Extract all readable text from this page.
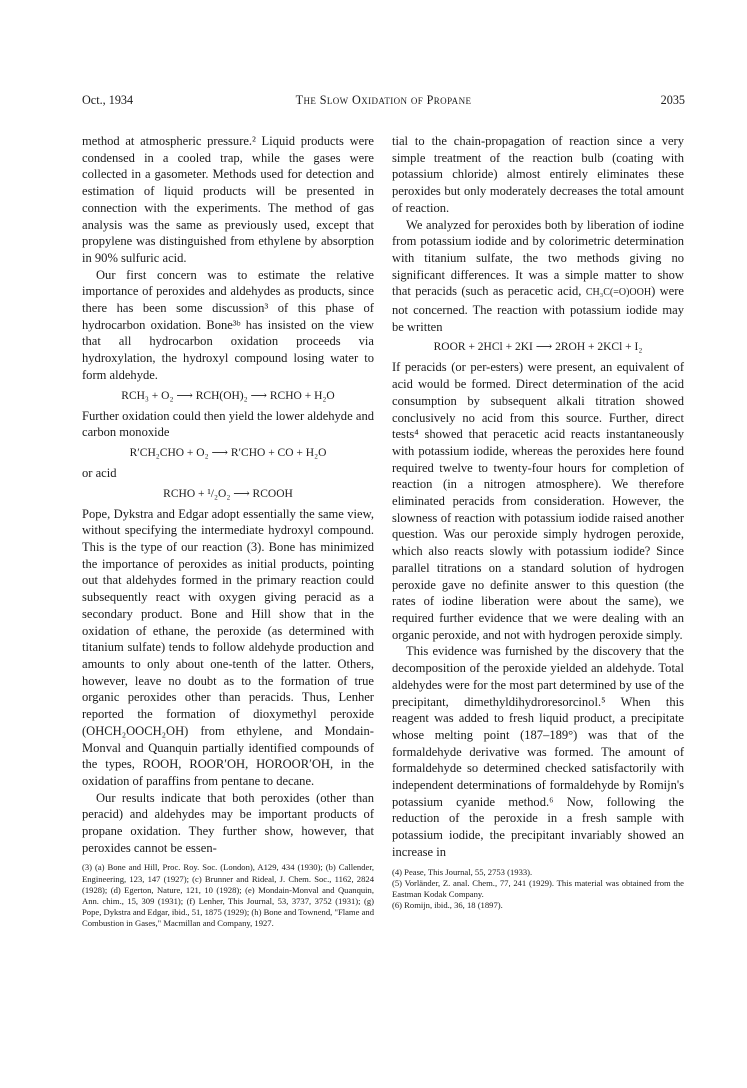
Oct., 1934	The Slow Oxidation of Propane	2035

method at atmospheric pressure.² Liquid products were condensed in a cooled trap, while the gases were collected in a gasometer. Methods used for detection and estimation of liquid products will be presented in connection with the experiments. The method of gas analysis was the same as previously used, except that propylene was distinguished from ethylene by absorption in 90% sulfuric acid.

Our first concern was to estimate the relative importance of peroxides and aldehydes as products, since there has been some discussion³ of this phase of hydrocarbon oxidation. Bone³ᵇ has insisted on the view that all hydrocarbon oxidation proceeds via hydroxylation, the hydroxyl compound losing water to form aldehyde.

RCH₃ + O₂ ⟶ RCH(OH)₂ ⟶ RCHO + H₂O

Further oxidation could then yield the lower aldehyde and carbon monoxide

R′CH₂CHO + O₂ ⟶ R′CHO + CO + H₂O

or acid

RCHO + ¹/₂O₂ ⟶ RCOOH

Pope, Dykstra and Edgar adopt essentially the same view, without specifying the intermediate hydroxyl compound. This is the type of our reaction (3). Bone has minimized the importance of peroxides as initial products, pointing out that aldehydes formed in the primary reaction could subsequently react with oxygen giving peracid as a secondary product. Bone and Hill show that in the oxidation of ethane, the peroxide (as determined with titanium sulfate) tends to follow aldehyde production and amounts to only about one-tenth of the latter. Others, however, leave no doubt as to the formation of true organic peroxides other than peracids. Thus, Lenher reported the formation of dioxymethyl peroxide (OHCH₂OOCH₂OH) from ethylene, and Mondain-Monval and Quanquin partially identified compounds of the types, ROOH, ROOR′OH, HOROOR′OH, in the oxidation of paraffins from pentane to decane.

Our results indicate that both peroxides (other than peracid) and aldehydes may be important products of propane oxidation. They further show, however, that peroxides cannot be essen-

(3) (a) Bone and Hill, Proc. Roy. Soc. (London), A129, 434 (1930); (b) Callender, Engineering, 123, 147 (1927); (c) Brunner and Rideal, J. Chem. Soc., 1162, 2824 (1928); (d) Egerton, Nature, 121, 10 (1928); (e) Mondain-Monval and Quanquin, Ann. chim., 15, 309 (1931); (f) Lenher, This Journal, 53, 3737, 3752 (1931); (g) Pope, Dykstra and Edgar, ibid., 51, 1875 (1929); (h) Bone and Townend, "Flame and Combustion in Gases," Macmillan and Company, 1927.

tial to the chain-propagation of reaction since a very simple treatment of the reaction bulb (coating with potassium chloride) almost entirely eliminates these peroxides but only moderately decreases the total amount of reaction.

We analyzed for peroxides both by liberation of iodine from potassium iodide and by colorimetric determination with titanium sulfate, the two methods giving no significant differences. It was a simple matter to show that peracids (such as peracetic acid, CH₃C(=O)OOH) were not concerned. The reaction with potassium iodide may be written

ROOR + 2HCl + 2KI ⟶ 2ROH + 2KCl + I₂

If peracids (or per-esters) were present, an equivalent of acid would be formed. Direct determination of the acid consumption by subsequent alkali titration showed conclusively no acid from this source. Further, direct tests⁴ showed that peracetic acid reacts instantaneously with potassium iodide, whereas the peroxides here found required twelve to twenty-four hours for completion of reaction (in a nitrogen atmosphere). We therefore eliminated peracids from consideration. However, the slowness of reaction with potassium iodide raised another question. Was our peroxide simply hydrogen peroxide, which also reacts slowly with potassium iodide? Since parallel titrations on a standard solution of hydrogen peroxide gave no definite answer to this question (the rates of iodine liberation were about the same), we required further evidence that we were dealing with an organic peroxide, and not with hydrogen peroxide simply.

This evidence was furnished by the discovery that the decomposition of the peroxide yielded an aldehyde. Total aldehydes were for the most part determined by use of the precipitant, dimethyldihydroresorcinol.⁵ When this reagent was added to fresh liquid product, a precipitate whose melting point (187–189°) was that of the formaldehyde derivative was formed. The amount of formaldehyde so determined checked satisfactorily with independent determinations of formaldehyde by Romijn's potassium cyanide method.⁶ Now, following the reduction of the peroxide in a fresh sample with potassium iodide, the precipitant invariably showed an increase in

(4) Pease, This Journal, 55, 2753 (1933).

(5) Vorländer, Z. anal. Chem., 77, 241 (1929). This material was obtained from the Eastman Kodak Company.

(6) Romijn, ibid., 36, 18 (1897).
